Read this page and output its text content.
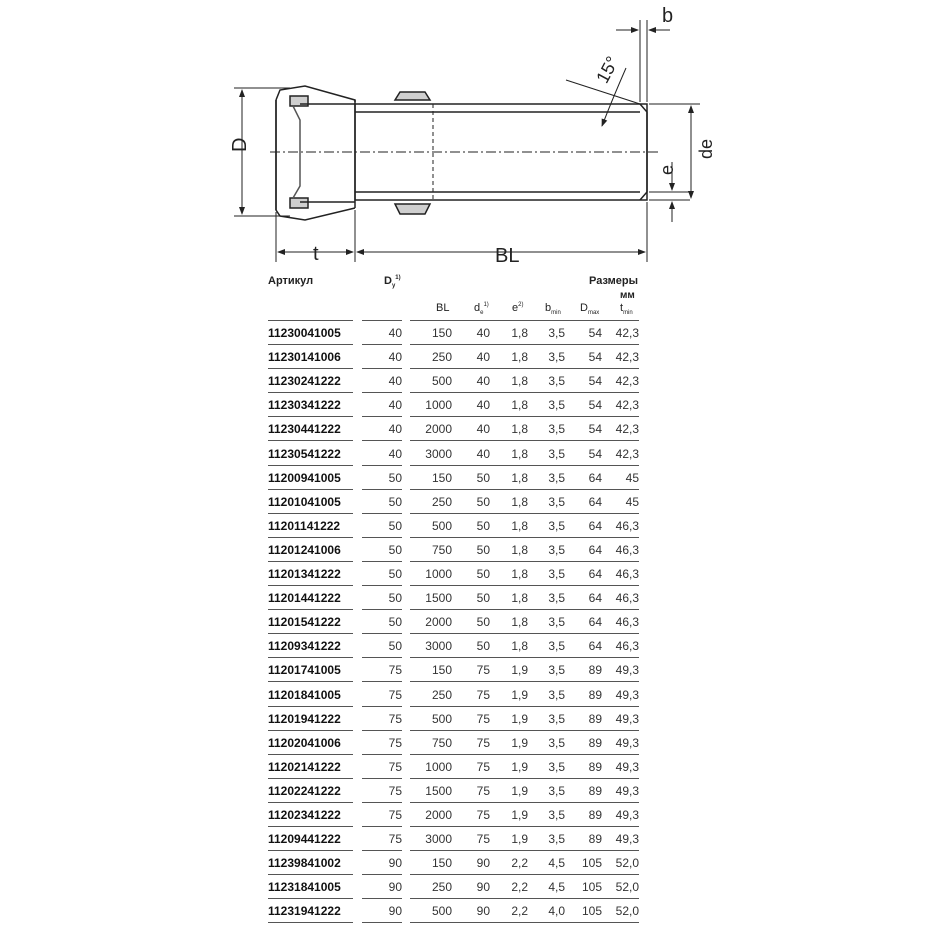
D
t	BL
b
15°
e
de
Артикул	$D_y^{1)}$	Размеры
мм
BL $d_e^{1)}$ $e^{2)}$ $b_{min}$ $D_{max}$ $t_{min}$
11230041005	40	150	40	1,8	3,5	54	42,3
11230141006	40	250	40	1,8	3,5	54	42,3
11230241222	40	500	40	1,8	3,5	54	42,3
11230341222	40	1000	40	1,8	3,5	54	42,3
11230441222	40	2000	40	1,8	3,5	54	42,3
11230541222	40	3000	40	1,8	3,5	54	42,3
11200941005	50	150	50	1,8	3,5	64	45
11201041005	50	250	50	1,8	3,5	64	45
11201141222	50	500	50	1,8	3,5	64	46,3
11201241006	50	750	50	1,8	3,5	64	46,3
11201341222	50	1000	50	1,8	3,5	64	46,3
11201441222	50	1500	50	1,8	3,5	64	46,3
11201541222	50	2000	50	1,8	3,5	64	46,3
11209341222	50	3000	50	1,8	3,5	64	46,3
11201741005	75	150	75	1,9	3,5	89	49,3
11201841005	75	250	75	1,9	3,5	89	49,3
11201941222	75	500	75	1,9	3,5	89	49,3
11202041006	75	750	75	1,9	3,5	89	49,3
11202141222	75	1000	75	1,9	3,5	89	49,3
11202241222	75	1500	75	1,9	3,5	89	49,3
11202341222	75	2000	75	1,9	3,5	89	49,3
11209441222	75	3000	75	1,9	3,5	89	49,3
11239841002	90	150	90	2,2	4,5	105	52,0
11231841005	90	250	90	2,2	4,5	105	52,0
11231941222	90	500	90	2,2	4,0	105	52,0
